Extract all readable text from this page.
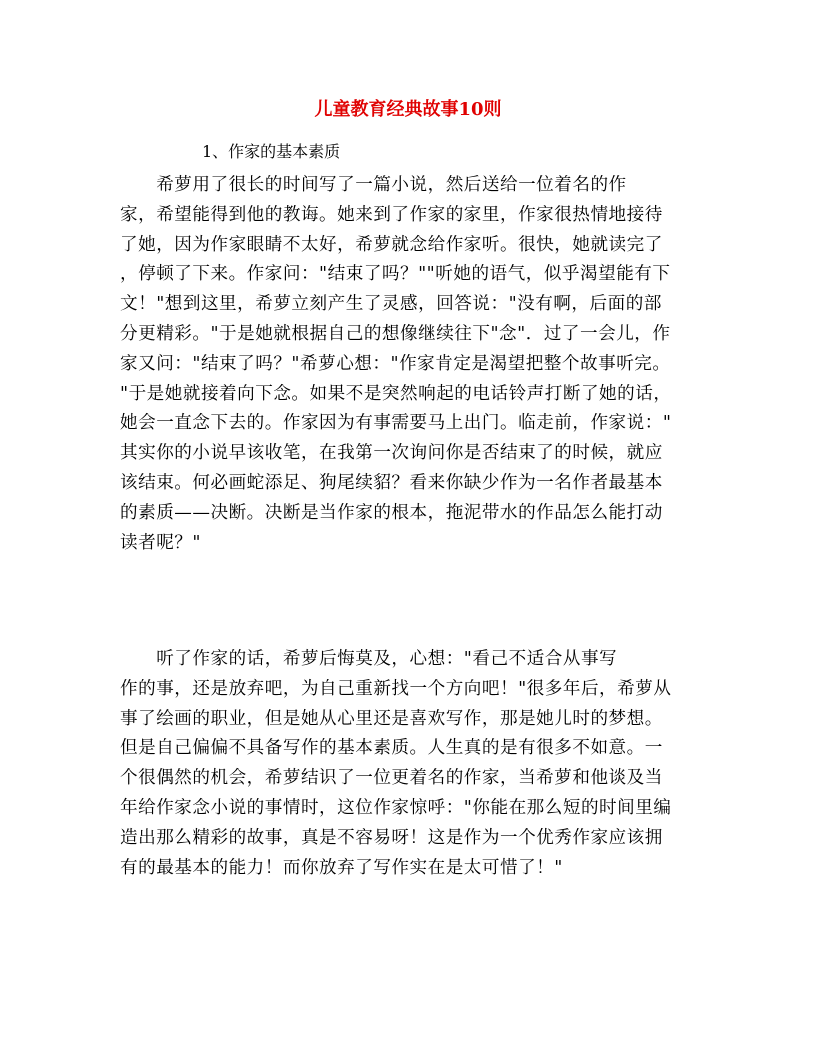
儿童教育经典故事10则

1、作家的基本素质

　　希萝用了很长的时间写了一篇小说，然后送给一位着名的作
家，希望能得到他的教诲。她来到了作家的家里，作家很热情地接待
了她，因为作家眼睛不太好，希萝就念给作家听。很快，她就读完了
，停顿了下来。作家问："结束了吗？""听她的语气，似乎渴望能有下
文！"想到这里，希萝立刻产生了灵感，回答说："没有啊，后面的部
分更精彩。"于是她就根据自己的想像继续往下"念"．过了一会儿，作
家又问："结束了吗？"希萝心想："作家肯定是渴望把整个故事听完。
"于是她就接着向下念。如果不是突然响起的电话铃声打断了她的话，
她会一直念下去的。作家因为有事需要马上出门。临走前，作家说："
其实你的小说早该收笔，在我第一次询问你是否结束了的时候，就应
该结束。何必画蛇添足、狗尾续貂？看来你缺少作为一名作者最基本
的素质——决断。决断是当作家的根本，拖泥带水的作品怎么能打动
读者呢？"

　　听了作家的话，希萝后悔莫及，心想："看己不适合从事写
作的事，还是放弃吧，为自己重新找一个方向吧！"很多年后，希萝从
事了绘画的职业，但是她从心里还是喜欢写作，那是她儿时的梦想。
但是自己偏偏不具备写作的基本素质。人生真的是有很多不如意。一
个很偶然的机会，希萝结识了一位更着名的作家，当希萝和他谈及当
年给作家念小说的事情时，这位作家惊呼："你能在那么短的时间里编
造出那么精彩的故事，真是不容易呀！这是作为一个优秀作家应该拥
有的最基本的能力！而你放弃了写作实在是太可惜了！"
